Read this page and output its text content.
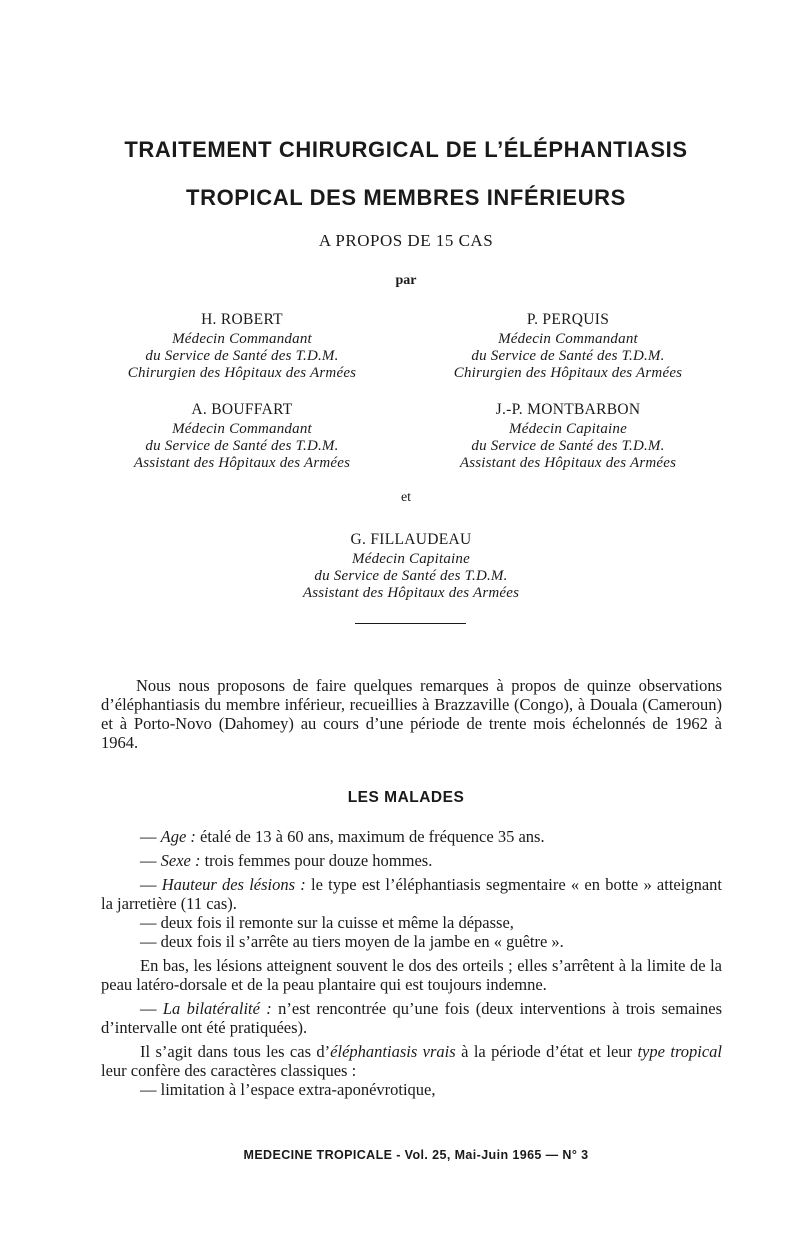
TRAITEMENT CHIRURGICAL DE L’ÉLÉPHANTIASIS
TROPICAL DES MEMBRES INFÉRIEURS
A PROPOS DE 15 CAS
par
H. ROBERT
Médecin Commandant
du Service de Santé des T.D.M.
Chirurgien des Hôpitaux des Armées
P. PERQUIS
Médecin Commandant
du Service de Santé des T.D.M.
Chirurgien des Hôpitaux des Armées
A. BOUFFART
Médecin Commandant
du Service de Santé des T.D.M.
Assistant des Hôpitaux des Armées
J.-P. MONTBARBON
Médecin Capitaine
du Service de Santé des T.D.M.
Assistant des Hôpitaux des Armées
et
G. FILLAUDEAU
Médecin Capitaine
du Service de Santé des T.D.M.
Assistant des Hôpitaux des Armées
Nous nous proposons de faire quelques remarques à propos de quinze observations d’éléphantiasis du membre inférieur, recueillies à Brazzaville (Congo), à Douala (Cameroun) et à Porto-Novo (Dahomey) au cours d’une période de trente mois échelonnés de 1962 à 1964.
LES MALADES

— Age : étalé de 13 à 60 ans, maximum de fréquence 35 ans.

— Sexe : trois femmes pour douze hommes.

— Hauteur des lésions : le type est l’éléphantiasis segmentaire « en botte » atteignant la jarretière (11 cas).

— deux fois il remonte sur la cuisse et même la dépasse,

— deux fois il s’arrête au tiers moyen de la jambe en « guêtre ».

En bas, les lésions atteignent souvent le dos des orteils ; elles s’arrêtent à la limite de la peau latéro-dorsale et de la peau plantaire qui est toujours indemne.

— La bilatéralité : n’est rencontrée qu’une fois (deux interventions à trois semaines d’intervalle ont été pratiquées).

Il s’agit dans tous les cas d’éléphantiasis vrais à la période d’état et leur type tropical leur confère des caractères classiques :

— limitation à l’espace extra-aponévrotique,

MEDECINE TROPICALE - Vol. 25, Mai-Juin 1965 — N° 3
